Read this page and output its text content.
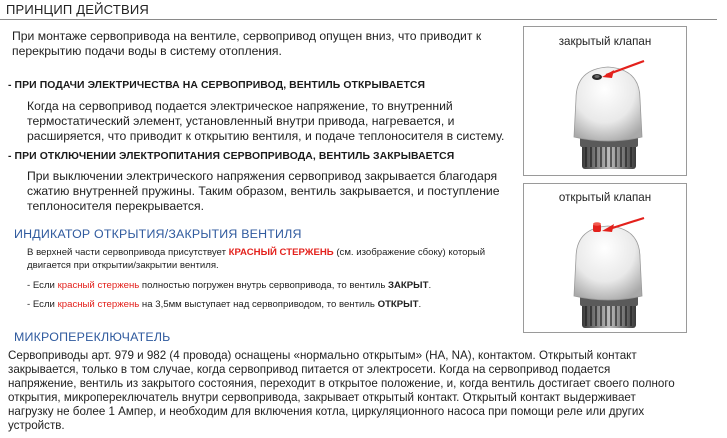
ПРИНЦИП ДЕЙСТВИЯ
При монтаже сервопривода на вентиле, сервопривод опущен вниз, что приводит к
перекрытию подачи воды в систему отопления.
- ПРИ ПОДАЧИ ЭЛЕКТРИЧЕСТВА НА СЕРВОПРИВОД, ВЕНТИЛЬ ОТКРЫВАЕТСЯ
Когда на сервопривод подается электрическое напряжение, то внутренний
термостатический элемент, установленный внутри привода, нагревается, и
расширяется, что приводит к открытию вентиля, и подаче теплоносителя в систему.
- ПРИ ОТКЛЮЧЕНИИ ЭЛЕКТРОПИТАНИЯ СЕРВОПРИВОДА, ВЕНТИЛЬ ЗАКРЫВАЕТСЯ
При выключении электрического напряжения сервопривод закрывается благодаря
сжатию внутренней пружины. Таким образом, вентиль закрывается, и поступление
теплоносителя перекрывается.
ИНДИКАТОР ОТКРЫТИЯ/ЗАКРЫТИЯ ВЕНТИЛЯ
В верхней части сервопривода присутствует КРАСНЫЙ СТЕРЖЕНЬ (см. изображение сбоку) который
двигается при открытии/закрытии вентиля.
- Если красный стержень полностью погружен внутрь сервопривода, то вентиль ЗАКРЫТ.
- Если красный стержень на 3,5мм выступает над сервоприводом, то вентиль ОТКРЫТ.
МИКРОПЕРЕКЛЮЧАТЕЛЬ
Сервоприводы арт. 979 и 982 (4 провода) оснащены «нормально открытым» (НА, NA), контактом. Открытый контакт
закрывается, только в том случае, когда сервопривод питается от электросети. Когда на сервопривод подается
напряжение, вентиль из закрытого состояния, переходит в открытое положение, и, когда вентиль достигает своего полного
открытия, микропереключатель внутри сервопривода, закрывает открытый контакт. Открытый контакт выдерживает
нагрузку не более 1 Ампер, и необходим для включения котла, циркуляционного насоса при помощи реле или других
устройств.
закрытый клапан
открытый клапан
